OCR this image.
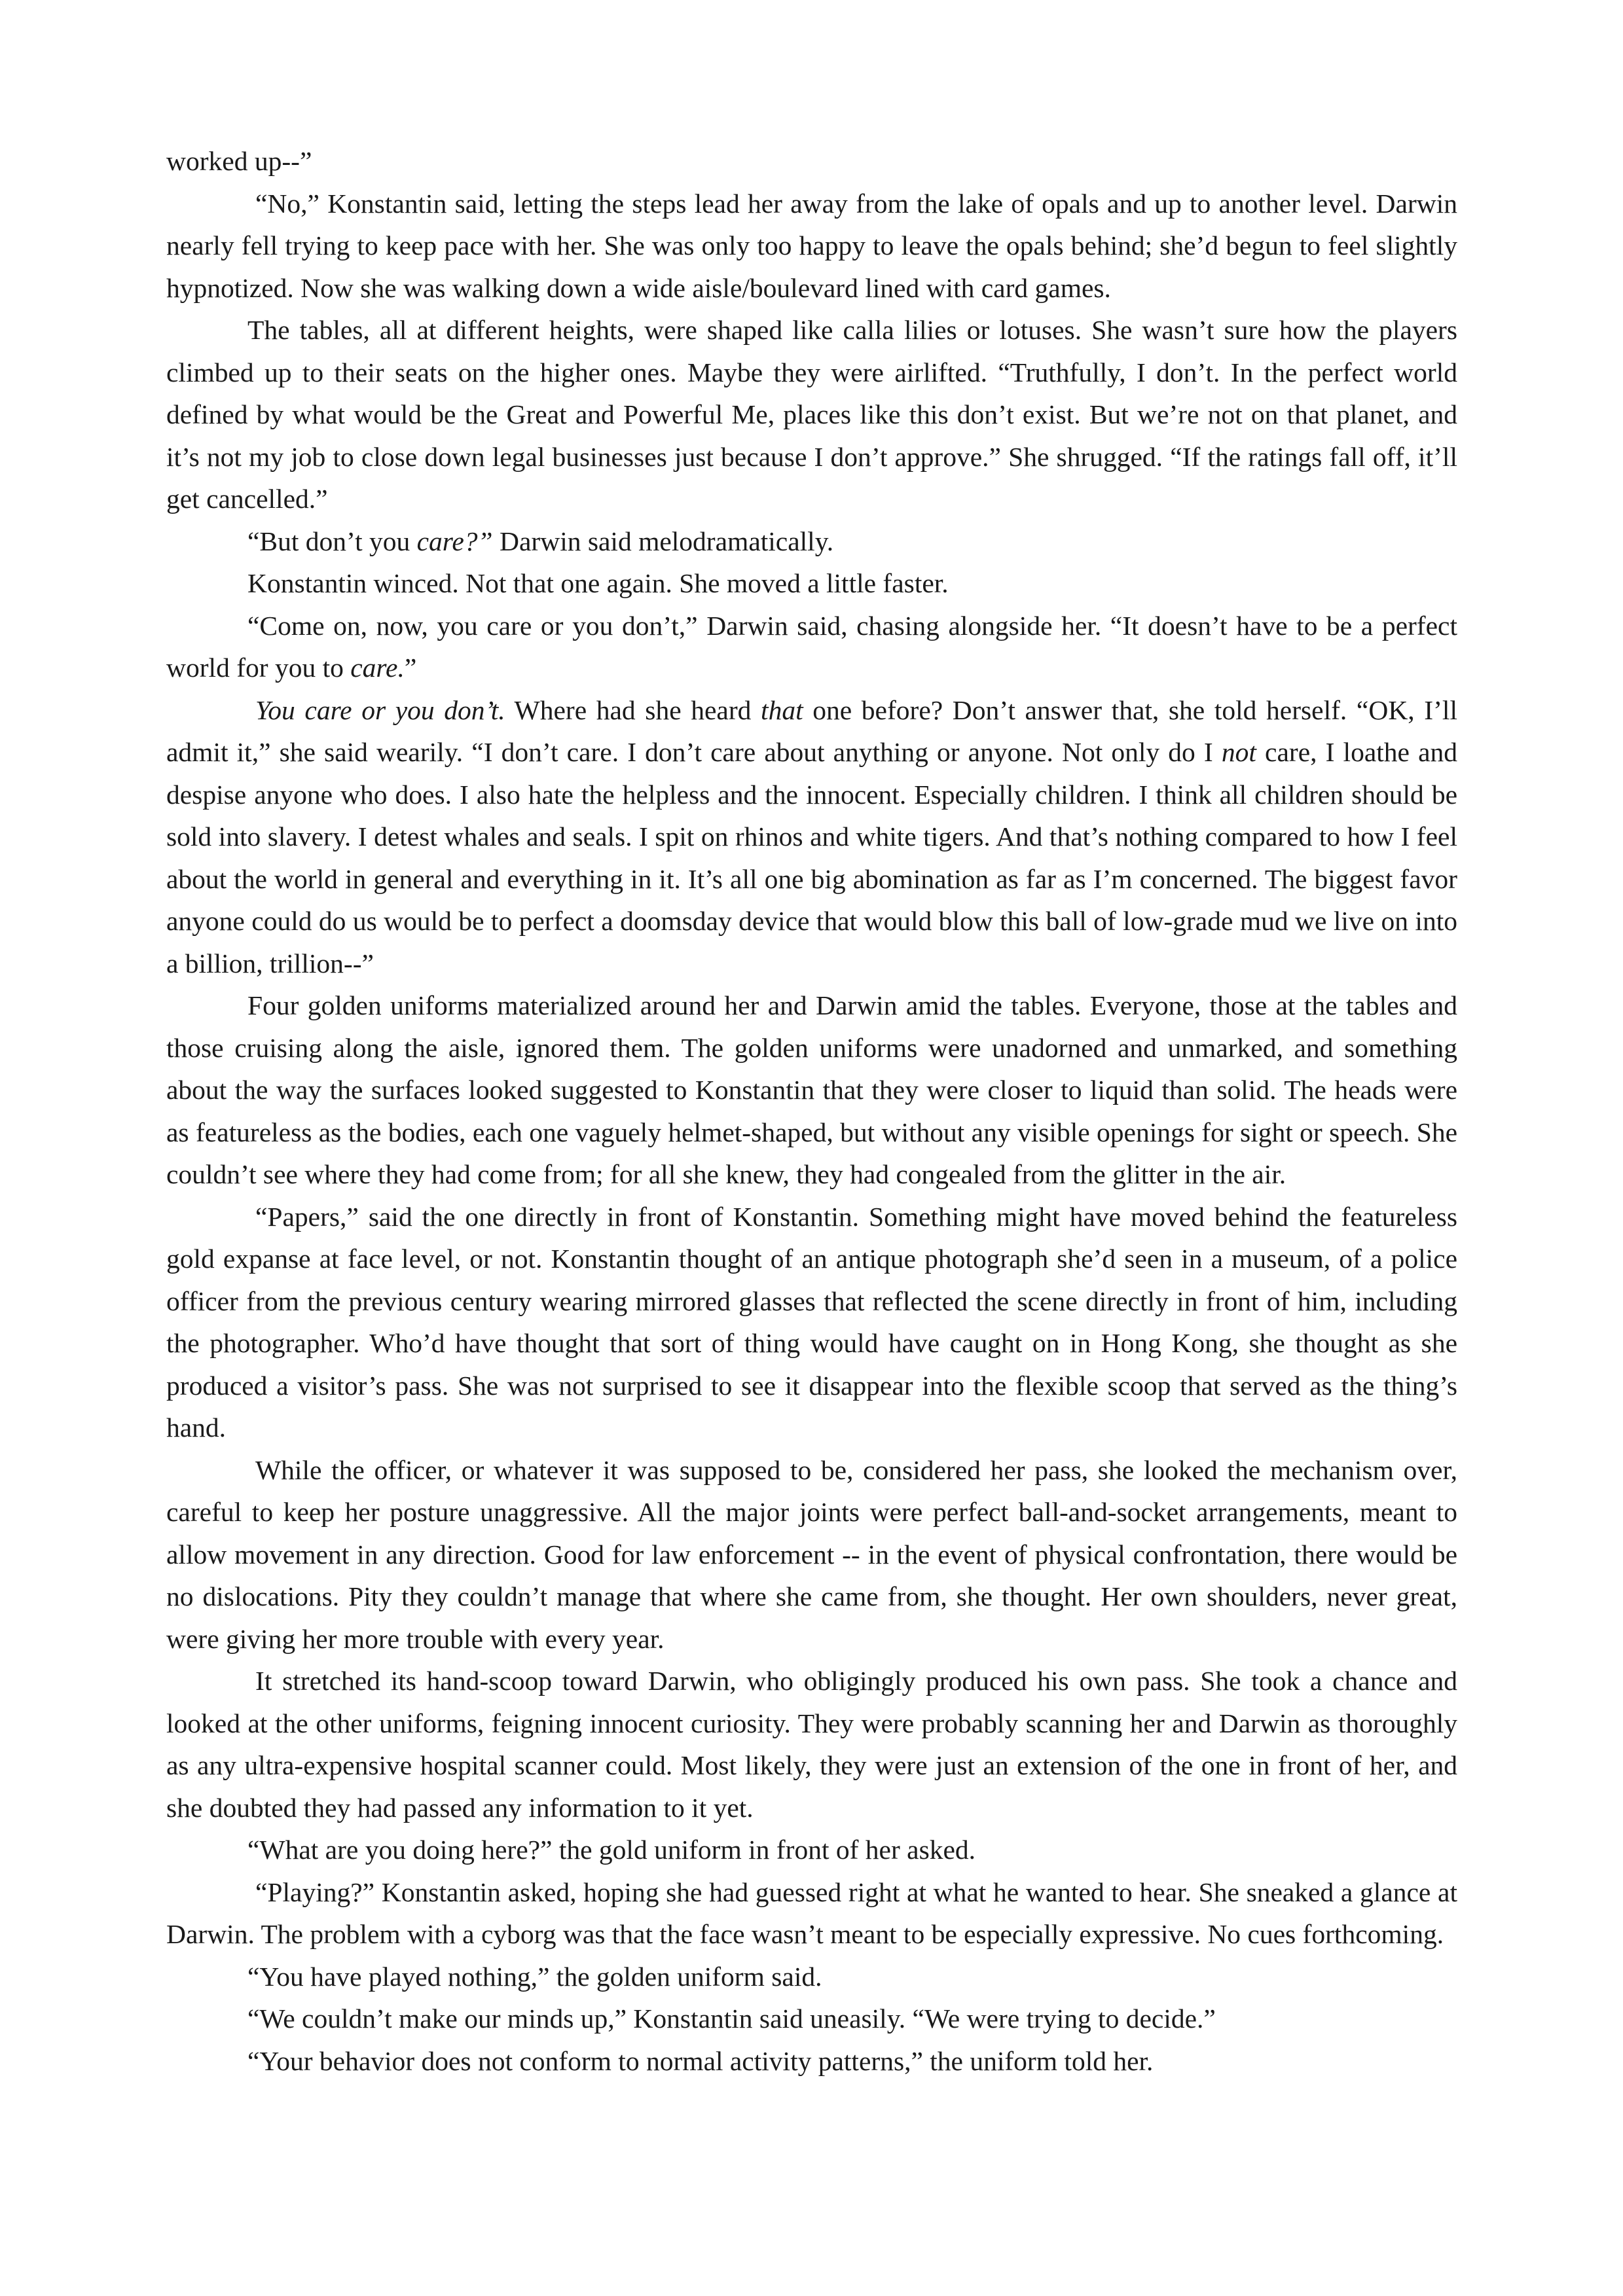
worked up--”

“No,” Konstantin said, letting the steps lead her away from the lake of opals and up to another level. Darwin nearly fell trying to keep pace with her. She was only too happy to leave the opals behind; she’d begun to feel slightly hypnotized. Now she was walking down a wide aisle/boulevard lined with card games.

The tables, all at different heights, were shaped like calla lilies or lotuses. She wasn’t sure how the players climbed up to their seats on the higher ones. Maybe they were airlifted. “Truthfully, I don’t. In the perfect world defined by what would be the Great and Powerful Me, places like this don’t exist. But we’re not on that planet, and it’s not my job to close down legal businesses just because I don’t approve.” She shrugged. “If the ratings fall off, it’ll get cancelled.”

“But don’t you care?” Darwin said melodramatically.

Konstantin winced. Not that one again. She moved a little faster.

“Come on, now, you care or you don’t,” Darwin said, chasing alongside her. “It doesn’t have to be a perfect world for you to care.”

You care or you don’t. Where had she heard that one before? Don’t answer that, she told herself. “OK, I’ll admit it,” she said wearily. “I don’t care. I don’t care about anything or anyone. Not only do I not care, I loathe and despise anyone who does. I also hate the helpless and the innocent. Especially children. I think all children should be sold into slavery. I detest whales and seals. I spit on rhinos and white tigers. And that’s nothing compared to how I feel about the world in general and everything in it. It’s all one big abomination as far as I’m concerned. The biggest favor anyone could do us would be to perfect a doomsday device that would blow this ball of low-grade mud we live on into a billion, trillion--”

Four golden uniforms materialized around her and Darwin amid the tables. Everyone, those at the tables and those cruising along the aisle, ignored them. The golden uniforms were unadorned and unmarked, and something about the way the surfaces looked suggested to Konstantin that they were closer to liquid than solid. The heads were as featureless as the bodies, each one vaguely helmet-shaped, but without any visible openings for sight or speech. She couldn’t see where they had come from; for all she knew, they had congealed from the glitter in the air.

“Papers,” said the one directly in front of Konstantin. Something might have moved behind the featureless gold expanse at face level, or not. Konstantin thought of an antique photograph she’d seen in a museum, of a police officer from the previous century wearing mirrored glasses that reflected the scene directly in front of him, including the photographer. Who’d have thought that sort of thing would have caught on in Hong Kong, she thought as she produced a visitor’s pass. She was not surprised to see it disappear into the flexible scoop that served as the thing’s hand.

While the officer, or whatever it was supposed to be, considered her pass, she looked the mechanism over, careful to keep her posture unaggressive. All the major joints were perfect ball-and-socket arrangements, meant to allow movement in any direction. Good for law enforcement -- in the event of physical confrontation, there would be no dislocations. Pity they couldn’t manage that where she came from, she thought. Her own shoulders, never great, were giving her more trouble with every year.

It stretched its hand-scoop toward Darwin, who obligingly produced his own pass. She took a chance and looked at the other uniforms, feigning innocent curiosity. They were probably scanning her and Darwin as thoroughly as any ultra-expensive hospital scanner could. Most likely, they were just an extension of the one in front of her, and she doubted they had passed any information to it yet.

“What are you doing here?” the gold uniform in front of her asked.

“Playing?” Konstantin asked, hoping she had guessed right at what he wanted to hear. She sneaked a glance at Darwin. The problem with a cyborg was that the face wasn’t meant to be especially expressive. No cues forthcoming.

“You have played nothing,” the golden uniform said.

“We couldn’t make our minds up,” Konstantin said uneasily. “We were trying to decide.”

“Your behavior does not conform to normal activity patterns,” the uniform told her.
